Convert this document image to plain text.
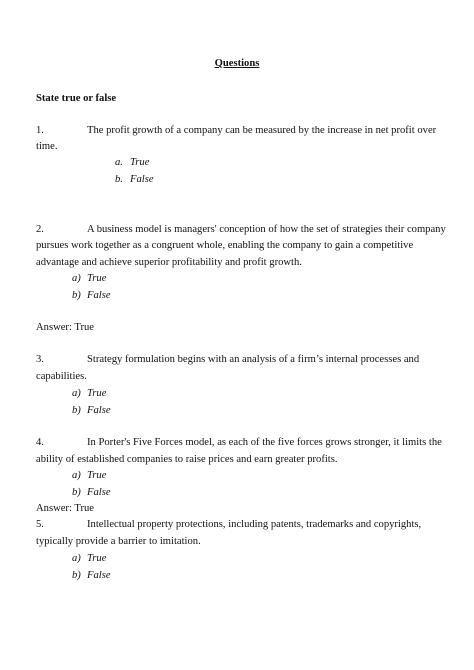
Questions
State true or false
1.	The profit growth of a company can be measured by the increase in net profit over
time.
a. True
b. False
2.	A business model is managers' conception of how the set of strategies their company
pursues work together as a congruent whole, enabling the company to gain a competitive
advantage and achieve superior profitability and profit growth.
a) True
b) False
Answer: True
3.	Strategy formulation begins with an analysis of a firm’s internal processes and
capabilities.
a) True
b) False
4.	In Porter's Five Forces model, as each of the five forces grows stronger, it limits the
ability of established companies to raise prices and earn greater profits.
a) True
b) False
Answer: True
5.	Intellectual property protections, including patents, trademarks and copyrights,
typically provide a barrier to imitation.
a) True
b) False
